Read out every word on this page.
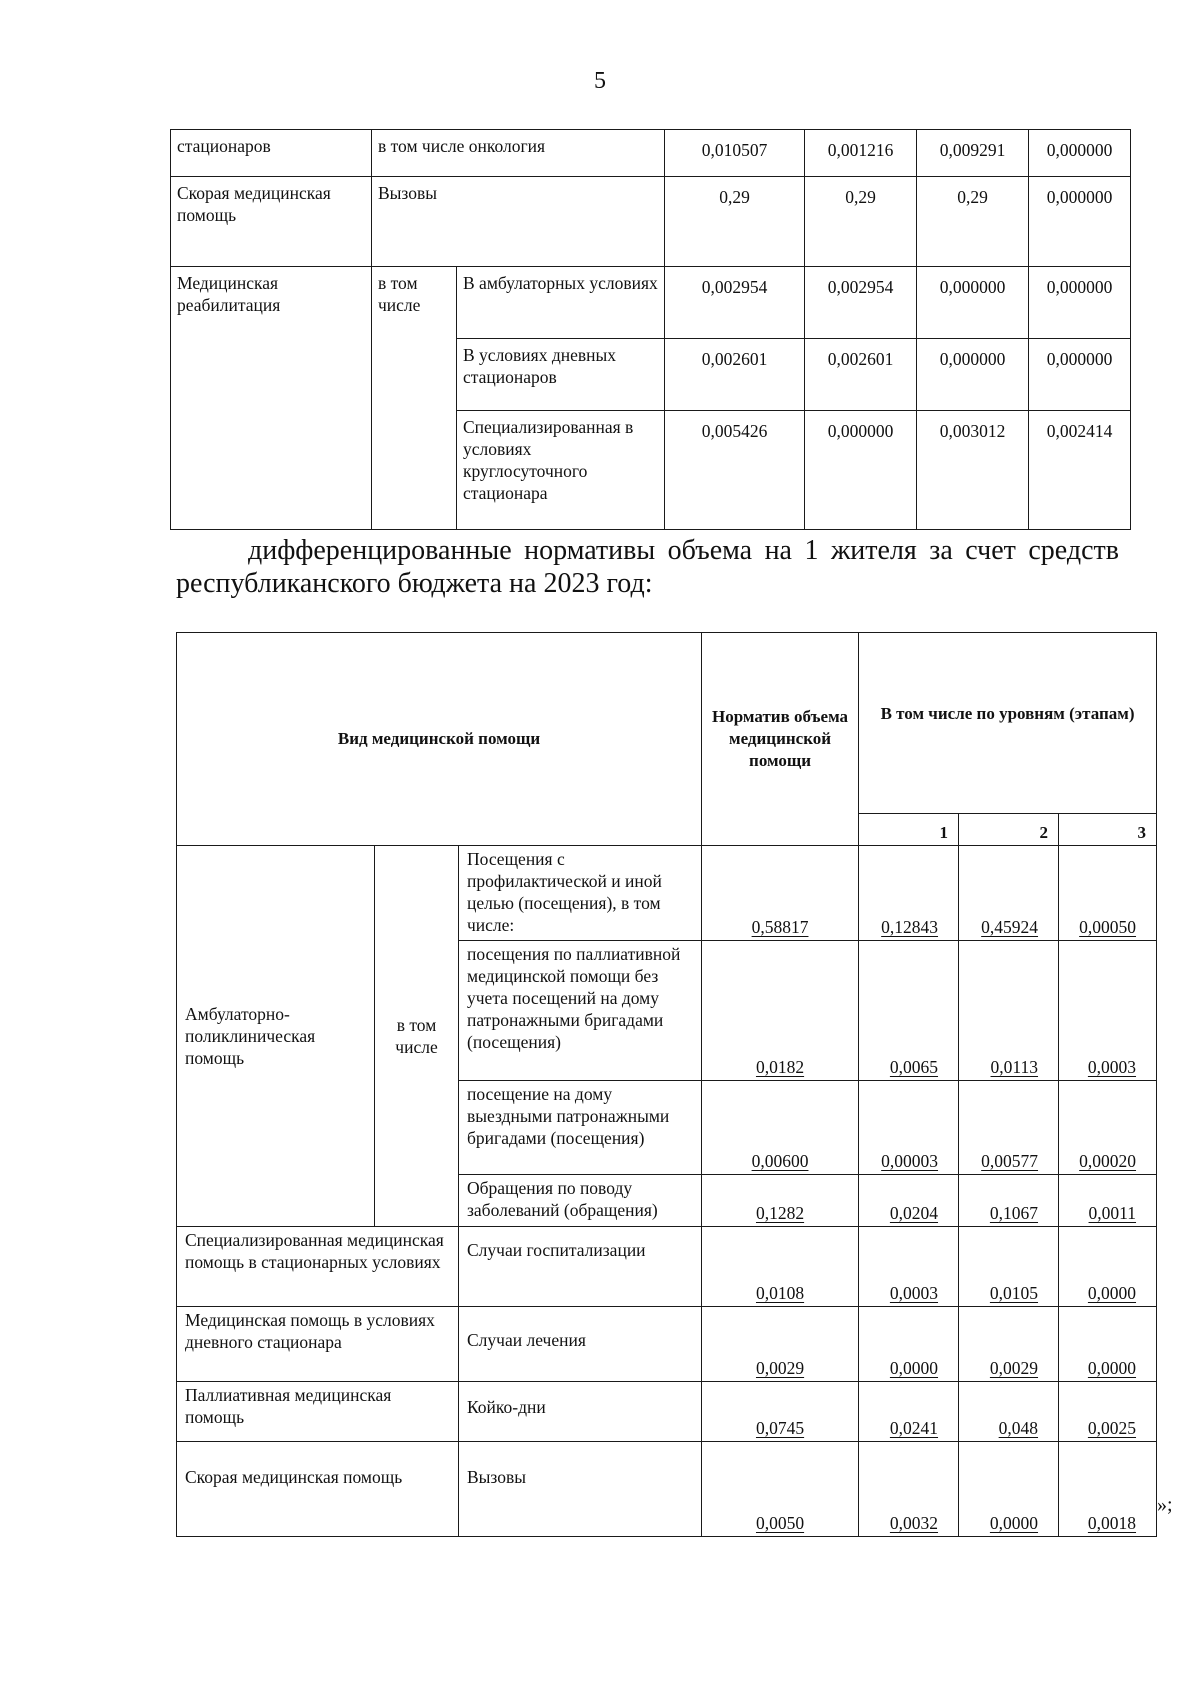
5
стационаров	в том числе онкология		0,010507	0,001216	0,009291	0,000000
Скорая медицинская помощь	Вызовы		0,29	0,29	0,29	0,000000
Медицинская реабилитация	в том числе	В амбулаторных условиях	0,002954	0,002954	0,000000	0,000000
		В условиях дневных стационаров	0,002601	0,002601	0,000000	0,000000
		Специализированная в условиях круглосуточного стационара	0,005426	0,000000	0,003012	0,002414
дифференцированные нормативы объема на 1 жителя за счет средств республиканского бюджета на 2023 год:
Вид медицинской помощи			Норматив объема медицинской помощи	В том числе по уровням (этапам)		
				1	2	3
Амбулаторно-поликлиническая помощь	в том числе	Посещения с профилактической и иной целью (посещения), в том числе:	0,58817	0,12843	0,45924	0,00050
		посещения по паллиативной медицинской помощи без учета посещений на дому патронажными бригадами (посещения)	0,0182	0,0065	0,0113	0,0003
		посещение на дому выездными патронажными бригадами (посещения)	0,00600	0,00003	0,00577	0,00020
		Обращения по поводу заболеваний (обращения)	0,1282	0,0204	0,1067	0,0011
Специализированная медицинская помощь в стационарных условиях		Случаи госпитализации	0,0108	0,0003	0,0105	0,0000
Медицинская помощь в условиях дневного стационара		Случаи лечения	0,0029	0,0000	0,0029	0,0000
Паллиативная медицинская помощь		Койко-дни	0,0745	0,0241	0,048	0,0025
Скорая медицинская помощь		Вызовы	0,0050	0,0032	0,0000	0,0018
»;
